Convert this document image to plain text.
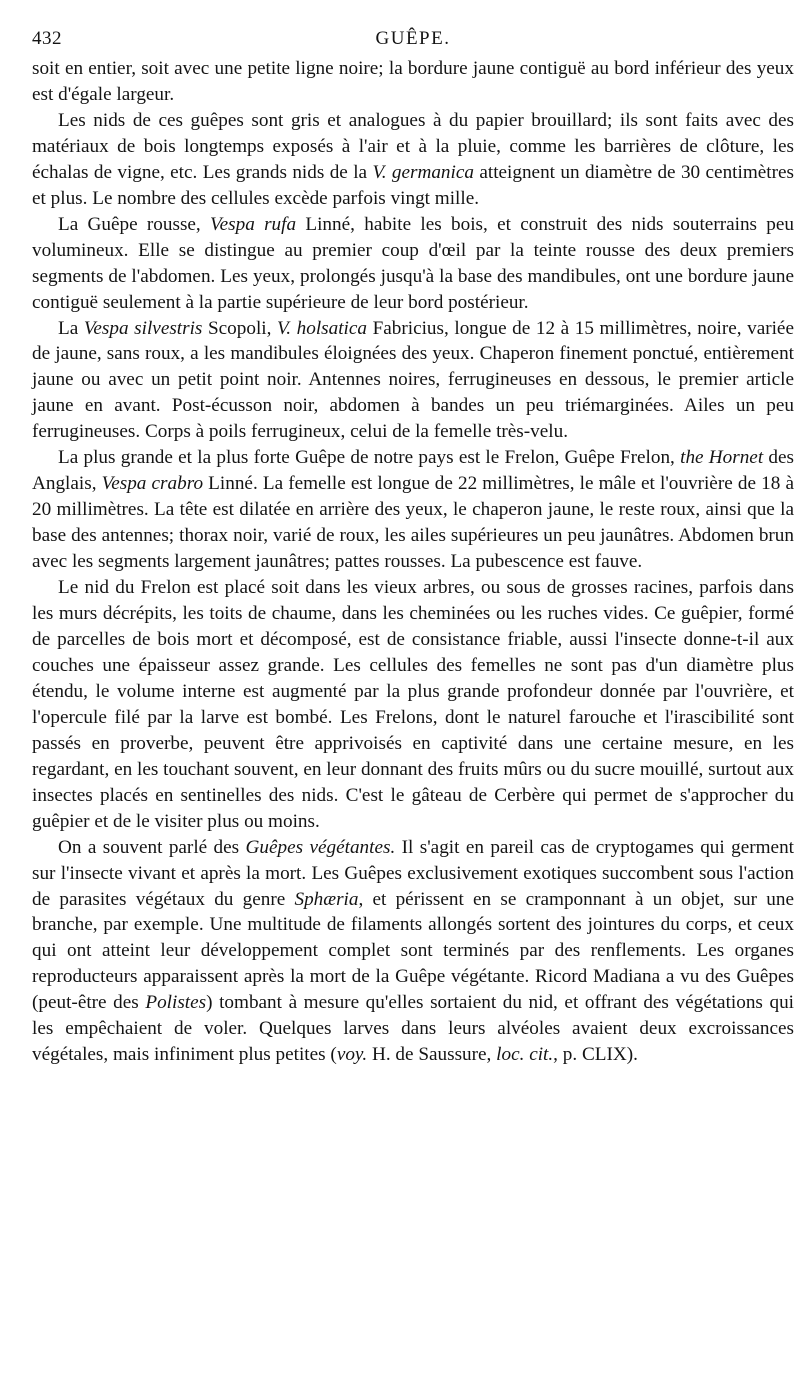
432	GUÊPE.

soit en entier, soit avec une petite ligne noire; la bordure jaune contiguë au bord inférieur des yeux est d'égale largeur.

Les nids de ces guêpes sont gris et analogues à du papier brouillard; ils sont faits avec des matériaux de bois longtemps exposés à l'air et à la pluie, comme les barrières de clôture, les échalas de vigne, etc. Les grands nids de la V. germanica atteignent un diamètre de 30 centimètres et plus. Le nombre des cellules excède parfois vingt mille.

La Guêpe rousse, Vespa rufa Linné, habite les bois, et construit des nids souterrains peu volumineux. Elle se distingue au premier coup d'œil par la teinte rousse des deux premiers segments de l'abdomen. Les yeux, prolongés jusqu'à la base des mandibules, ont une bordure jaune contiguë seulement à la partie supérieure de leur bord postérieur.

La Vespa silvestris Scopoli, V. holsatica Fabricius, longue de 12 à 15 millimètres, noire, variée de jaune, sans roux, a les mandibules éloignées des yeux. Chaperon finement ponctué, entièrement jaune ou avec un petit point noir. Antennes noires, ferrugineuses en dessous, le premier article jaune en avant. Post-écusson noir, abdomen à bandes un peu triémarginées. Ailes un peu ferrugineuses. Corps à poils ferrugineux, celui de la femelle très-velu.

La plus grande et la plus forte Guêpe de notre pays est le Frelon, Guêpe Frelon, the Hornet des Anglais, Vespa crabro Linné. La femelle est longue de 22 millimètres, le mâle et l'ouvrière de 18 à 20 millimètres. La tête est dilatée en arrière des yeux, le chaperon jaune, le reste roux, ainsi que la base des antennes; thorax noir, varié de roux, les ailes supérieures un peu jaunâtres. Abdomen brun avec les segments largement jaunâtres; pattes rousses. La pubescence est fauve.

Le nid du Frelon est placé soit dans les vieux arbres, ou sous de grosses racines, parfois dans les murs décrépits, les toits de chaume, dans les cheminées ou les ruches vides. Ce guêpier, formé de parcelles de bois mort et décomposé, est de consistance friable, aussi l'insecte donne-t-il aux couches une épaisseur assez grande. Les cellules des femelles ne sont pas d'un diamètre plus étendu, le volume interne est augmenté par la plus grande profondeur donnée par l'ouvrière, et l'opercule filé par la larve est bombé. Les Frelons, dont le naturel farouche et l'irascibilité sont passés en proverbe, peuvent être apprivoisés en captivité dans une certaine mesure, en les regardant, en les touchant souvent, en leur donnant des fruits mûrs ou du sucre mouillé, surtout aux insectes placés en sentinelles des nids. C'est le gâteau de Cerbère qui permet de s'approcher du guêpier et de le visiter plus ou moins.

On a souvent parlé des Guêpes végétantes. Il s'agit en pareil cas de cryptogames qui germent sur l'insecte vivant et après la mort. Les Guêpes exclusivement exotiques succombent sous l'action de parasites végétaux du genre Sphæria, et périssent en se cramponnant à un objet, sur une branche, par exemple. Une multitude de filaments allongés sortent des jointures du corps, et ceux qui ont atteint leur développement complet sont terminés par des renflements. Les organes reproducteurs apparaissent après la mort de la Guêpe végétante. Ricord Madiana a vu des Guêpes (peut-être des Polistes) tombant à mesure qu'elles sortaient du nid, et offrant des végétations qui les empêchaient de voler. Quelques larves dans leurs alvéoles avaient deux excroissances végétales, mais infiniment plus petites (voy. H. de Saussure, loc. cit., p. CLIX).
